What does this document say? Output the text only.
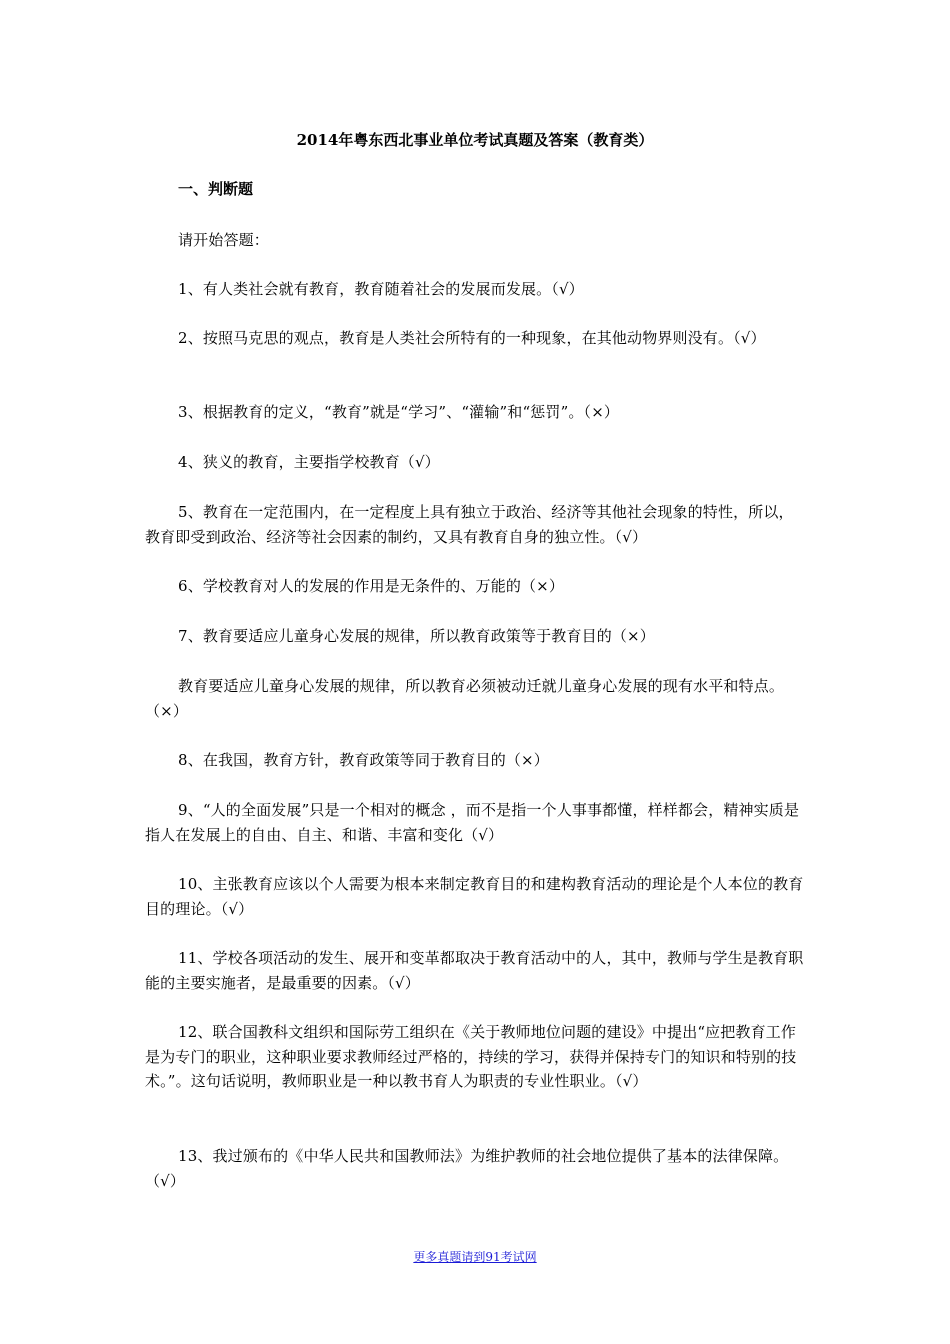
2014年粤东西北事业单位考试真题及答案（教育类）
一、判断题
请开始答题：
1、有人类社会就有教育，教育随着社会的发展而发展。（√）
2、按照马克思的观点，教育是人类社会所特有的一种现象，在其他动物界则没有。（√）
3、根据教育的定义，“教育”就是“学习”、“灌输”和“惩罚”。（×）
4、狭义的教育，主要指学校教育（√）
5、教育在一定范围内，在一定程度上具有独立于政治、经济等其他社会现象的特性，所以，教育即受到政治、经济等社会因素的制约，又具有教育自身的独立性。（√）
6、学校教育对人的发展的作用是无条件的、万能的（×）
7、教育要适应儿童身心发展的规律，所以教育政策等于教育目的（×）
教育要适应儿童身心发展的规律，所以教育必须被动迁就儿童身心发展的现有水平和特点。（×）
8、在我国，教育方针，教育政策等同于教育目的（×）
9、“人的全面发展”只是一个相对的概念 ，而不是指一个人事事都懂，样样都会，精神实质是指人在发展上的自由、自主、和谐、丰富和变化（√）
10、主张教育应该以个人需要为根本来制定教育目的和建构教育活动的理论是个人本位的教育目的理论。（√）
11、学校各项活动的发生、展开和变革都取决于教育活动中的人，其中，教师与学生是教育职能的主要实施者，是最重要的因素。（√）
12、联合国教科文组织和国际劳工组织在《关于教师地位问题的建设》中提出“应把教育工作是为专门的职业，这种职业要求教师经过严格的，持续的学习，获得并保持专门的知识和特别的技术。”。这句话说明，教师职业是一种以教书育人为职责的专业性职业。（√）
13、我过颁布的《中华人民共和国教师法》为维护教师的社会地位提供了基本的法律保障。（√）
更多真题请到91考试网
